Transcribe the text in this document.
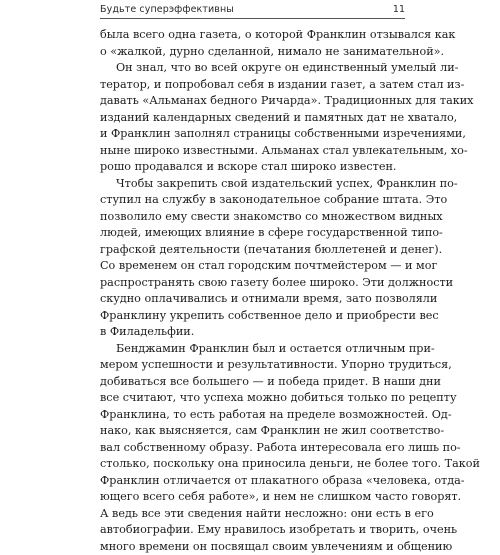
Будьте суперэффективны	11
была всего одна газета, о которой Франклин отзывался как
о «жалкой, дурно сделанной, нимало не занимательной».
Он знал, что во всей округе он единственный умелый ли-
тератор, и попробовал себя в издании газет, а затем стал из-
давать «Альманах бедного Ричарда». Традиционных для таких
изданий календарных сведений и памятных дат не хватало,
и Франклин заполнял страницы собственными изречениями,
ныне широко известными. Альманах стал увлекательным, хо-
рошо продавался и вскоре стал широко известен.
Чтобы закрепить свой издательский успех, Франклин по-
ступил на службу в законодательное собрание штата. Это
позволило ему свести знакомство со множеством видных
людей, имеющих влияние в сфере государственной типо-
графской деятельности (печатания бюллетеней и денег).
Со временем он стал городским почтмейстером — и мог
распространять свою газету более широко. Эти должности
скудно оплачивались и отнимали время, зато позволяли
Франклину укрепить собственное дело и приобрести вес
в Филадельфии.
Бенджамин Франклин был и остается отличным при-
мером успешности и результативности. Упорно трудиться,
добиваться все большего — и победа придет. В наши дни
все считают, что успеха можно добиться только по рецепту
Франклина, то есть работая на пределе возможностей. Од-
нако, как выясняется, сам Франклин не жил соответство-
вал собственному образу. Работа интересовала его лишь по-
столько, поскольку она приносила деньги, не более того. Такой
Франклин отличается от плакатного образа «человека, отда-
ющего всего себя работе», и нем не слишком часто говорят.
А ведь все эти сведения найти несложно: они есть в его
автобиографии. Ему нравилось изобретать и творить, очень
много времени он посвящал своим увлечениям и общению
